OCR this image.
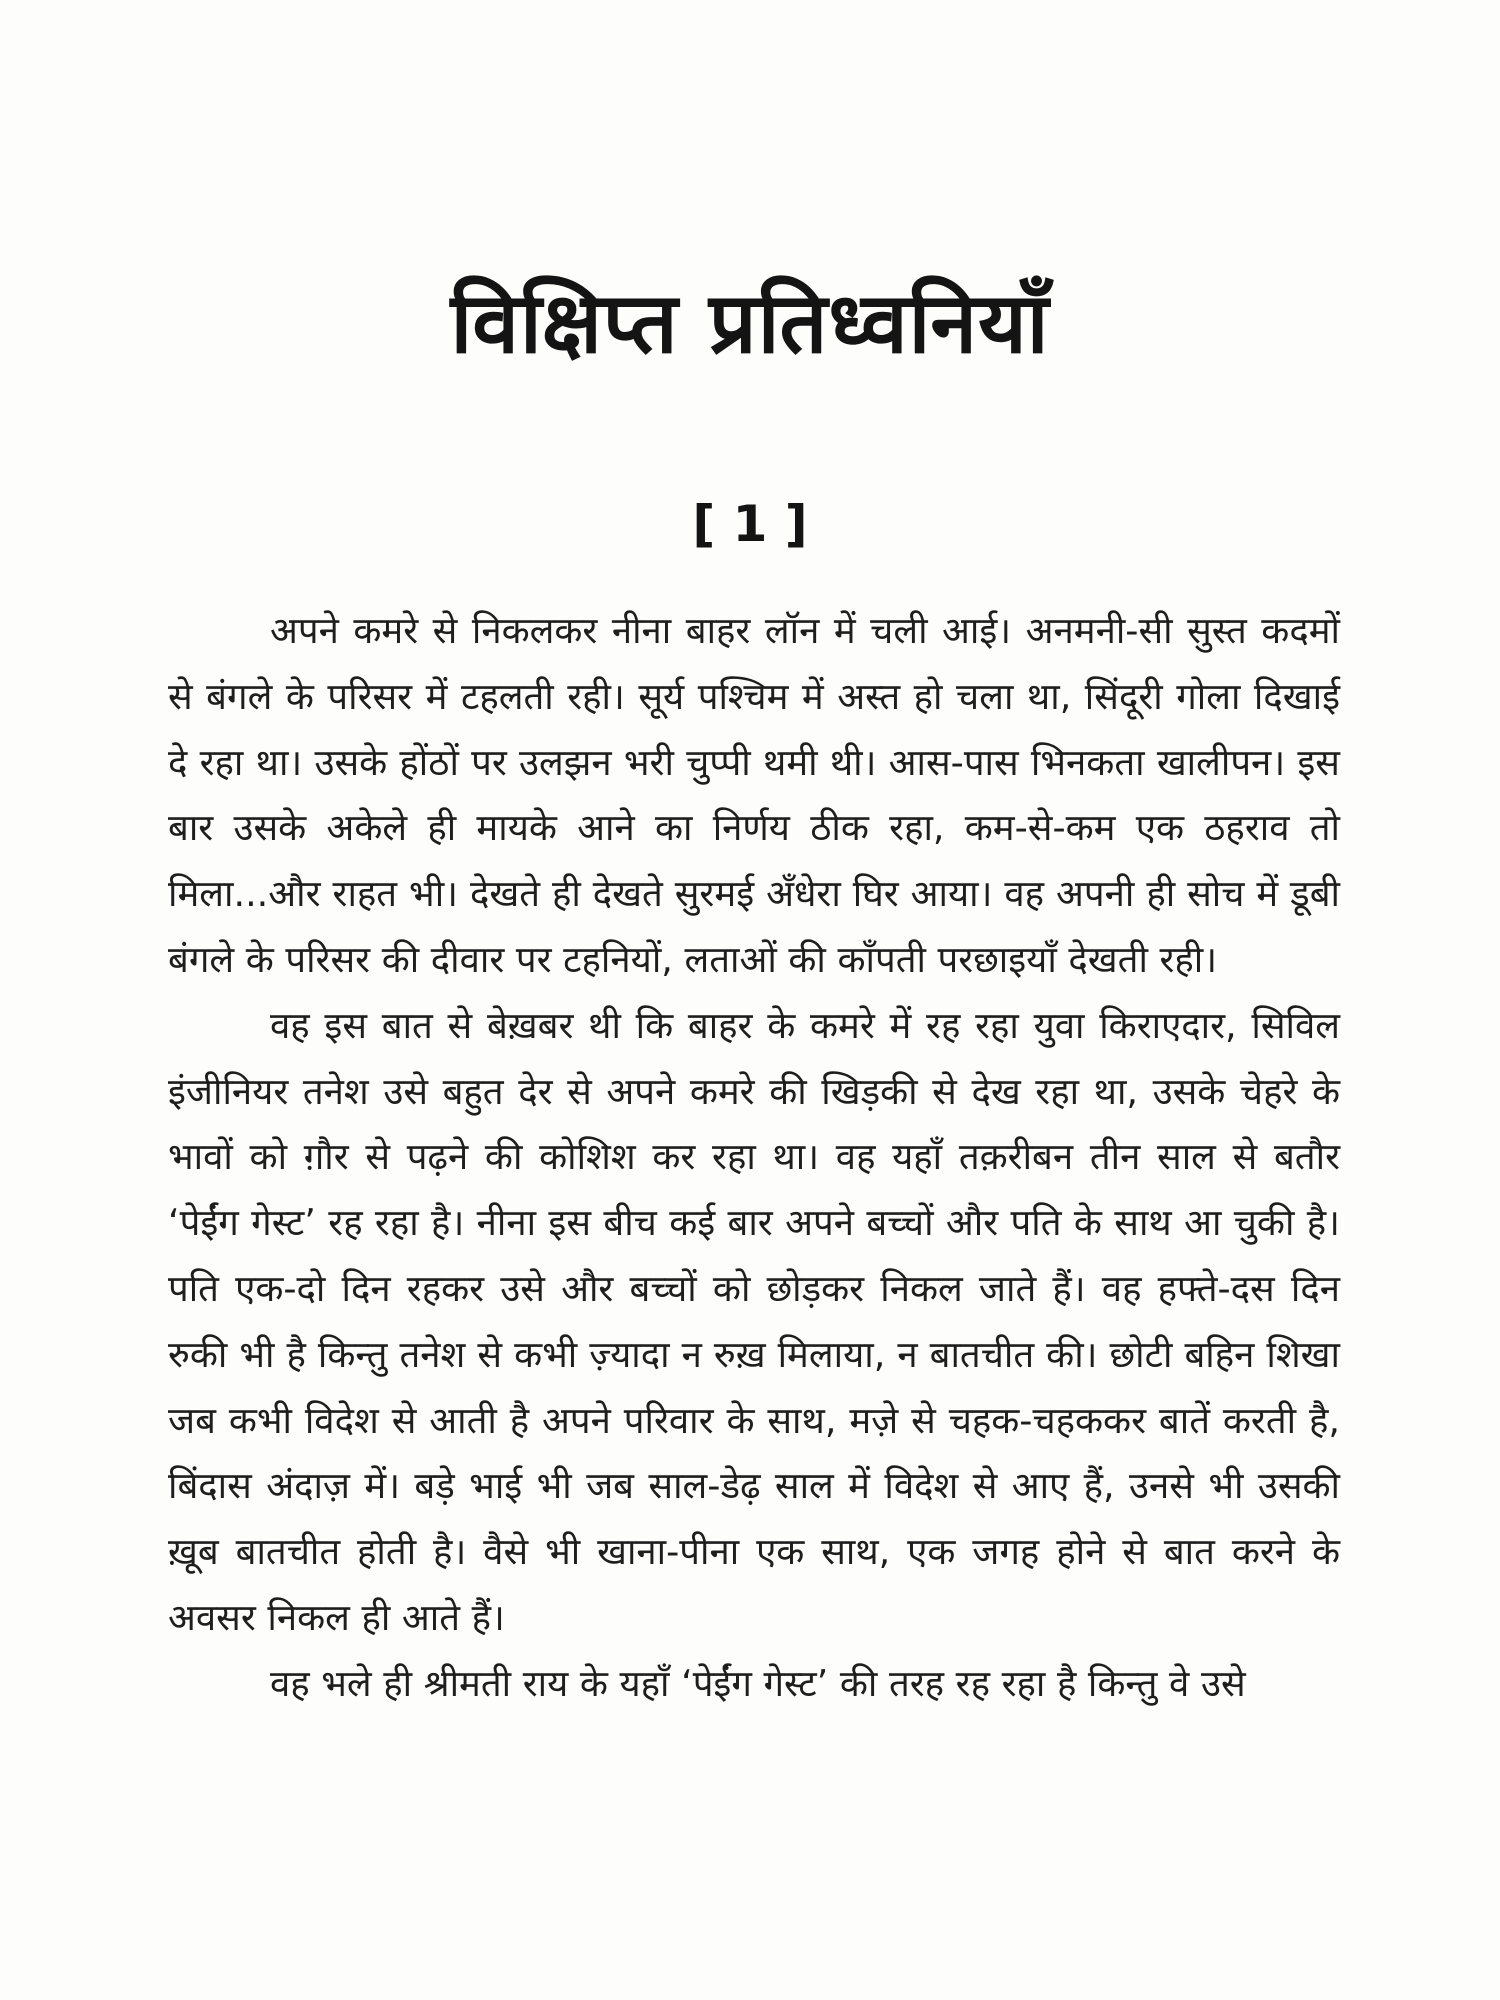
विक्षिप्त प्रतिध्वनियाँ
[ 1 ]

अपने कमरे से निकलकर नीना बाहर लॉन में चली आई। अनमनी-सी सुस्त कदमों से बंगले के परिसर में टहलती रही। सूर्य पश्चिम में अस्त हो चला था, सिंदूरी गोला दिखाई दे रहा था। उसके होंठों पर उलझन भरी चुप्पी थमी थी। आस-पास भिनकता खालीपन। इस बार उसके अकेले ही मायके आने का निर्णय ठीक रहा, कम-से-कम एक ठहराव तो मिला...और राहत भी। देखते ही देखते सुरमई अँधेरा घिर आया। वह अपनी ही सोच में डूबी बंगले के परिसर की दीवार पर टहनियों, लताओं की काँपती परछाइयाँ देखती रही।

वह इस बात से बेख़बर थी कि बाहर के कमरे में रह रहा युवा किराएदार, सिविल इंजीनियर तनेश उसे बहुत देर से अपने कमरे की खिड़की से देख रहा था, उसके चेहरे के भावों को ग़ौर से पढ़ने की कोशिश कर रहा था। वह यहाँ तक़रीबन तीन साल से बतौर ‘पेईंग गेस्ट’ रह रहा है। नीना इस बीच कई बार अपने बच्चों और पति के साथ आ चुकी है। पति एक-दो दिन रहकर उसे और बच्चों को छोड़कर निकल जाते हैं। वह हफ्ते-दस दिन रुकी भी है किन्तु तनेश से कभी ज़्यादा न रुख़ मिलाया, न बातचीत की। छोटी बहिन शिखा जब कभी विदेश से आती है अपने परिवार के साथ, मज़े से चहक-चहककर बातें करती है, बिंदास अंदाज़ में। बड़े भाई भी जब साल-डेढ़ साल में विदेश से आए हैं, उनसे भी उसकी ख़ूब बातचीत होती है। वैसे भी खाना-पीना एक साथ, एक जगह होने से बात करने के अवसर निकल ही आते हैं।

वह भले ही श्रीमती राय के यहाँ ‘पेईंग गेस्ट’ की तरह रह रहा है किन्तु वे उसे
